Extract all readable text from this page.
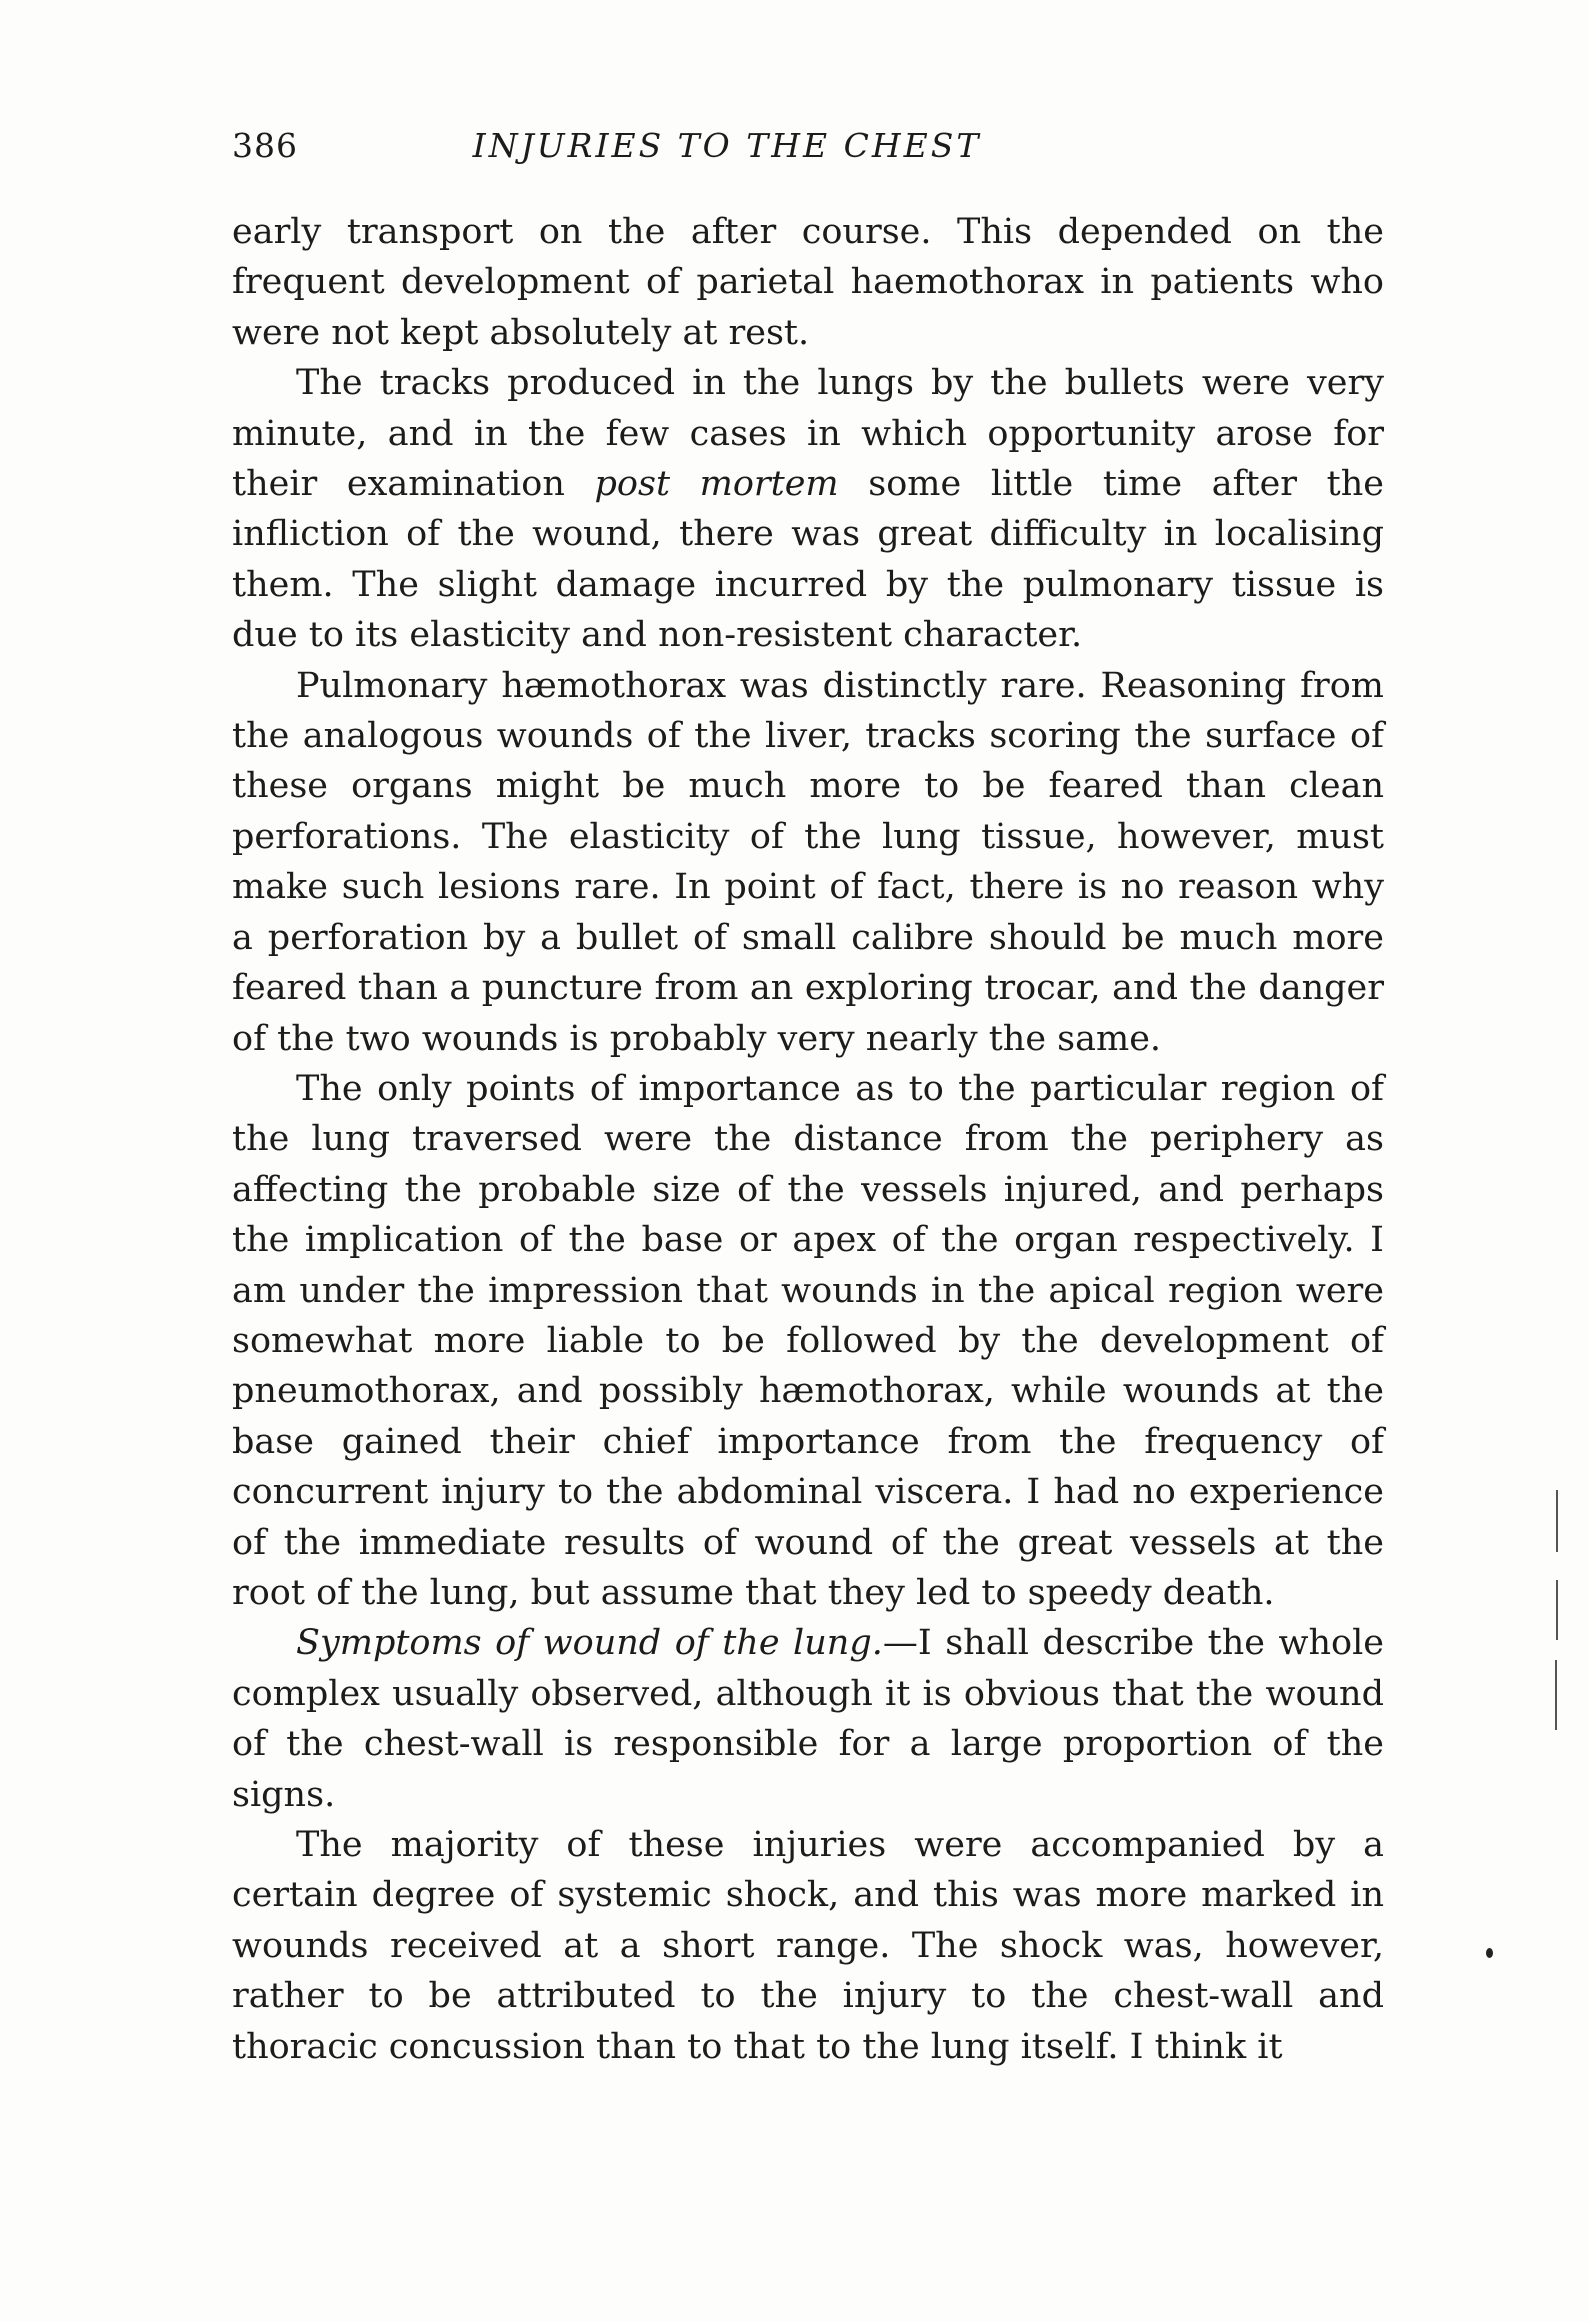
386	INJURIES TO THE CHEST

early transport on the after course. This depended on the frequent development of parietal haemothorax in patients who were not kept absolutely at rest.

The tracks produced in the lungs by the bullets were very minute, and in the few cases in which opportunity arose for their examination post mortem some little time after the infliction of the wound, there was great difficulty in localising them. The slight damage incurred by the pulmonary tissue is due to its elasticity and non-resistent character.

Pulmonary hæmothorax was distinctly rare. Reasoning from the analogous wounds of the liver, tracks scoring the surface of these organs might be much more to be feared than clean perforations. The elasticity of the lung tissue, however, must make such lesions rare. In point of fact, there is no reason why a perforation by a bullet of small calibre should be much more feared than a puncture from an exploring trocar, and the danger of the two wounds is probably very nearly the same.

The only points of importance as to the particular region of the lung traversed were the distance from the periphery as affecting the probable size of the vessels injured, and perhaps the implication of the base or apex of the organ respectively. I am under the impression that wounds in the apical region were somewhat more liable to be followed by the development of pneumothorax, and possibly hæmothorax, while wounds at the base gained their chief importance from the frequency of concurrent injury to the abdominal viscera. I had no experience of the immediate results of wound of the great vessels at the root of the lung, but assume that they led to speedy death.

Symptoms of wound of the lung.—I shall describe the whole complex usually observed, although it is obvious that the wound of the chest-wall is responsible for a large proportion of the signs.

The majority of these injuries were accompanied by a certain degree of systemic shock, and this was more marked in wounds received at a short range. The shock was, however, rather to be attributed to the injury to the chest-wall and thoracic concussion than to that to the lung itself. I think it
